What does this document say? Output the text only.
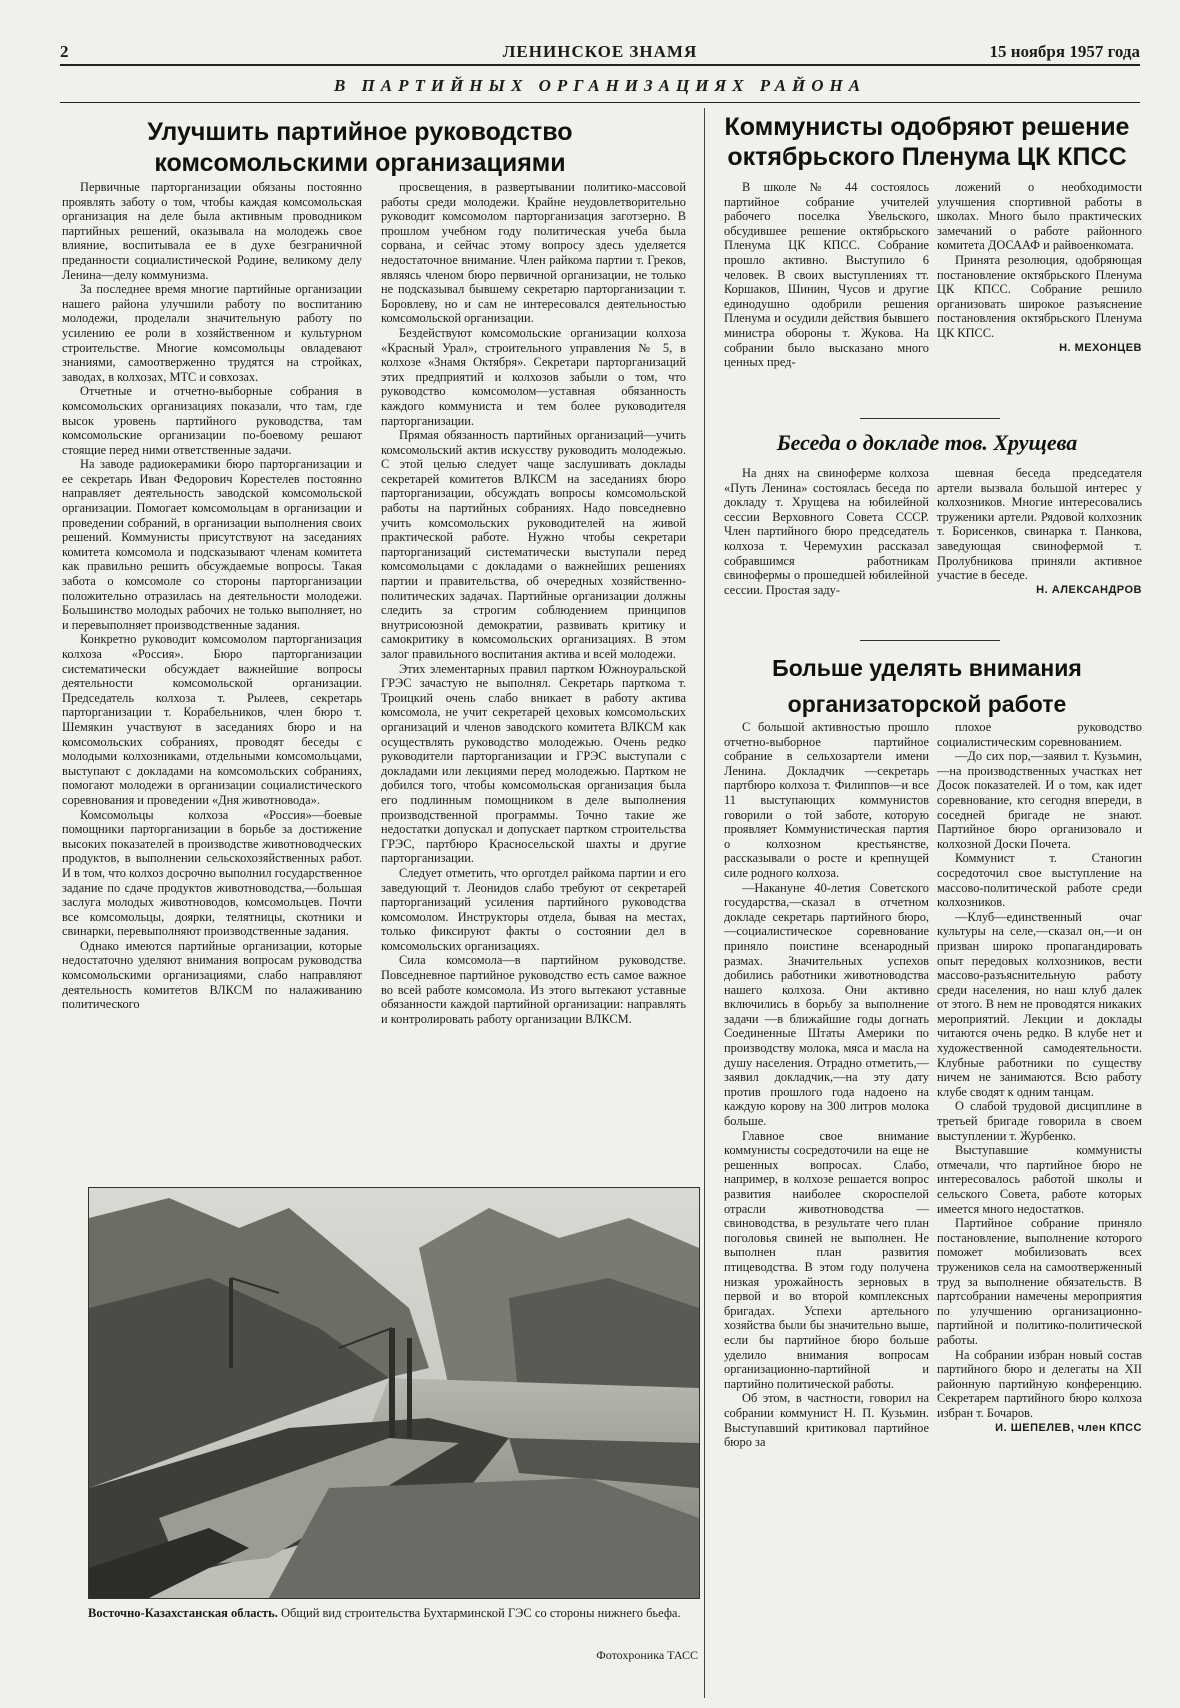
2	ЛЕНИНСКОЕ ЗНАМЯ	15 ноября 1957 года
В ПАРТИЙНЫХ ОРГАНИЗАЦИЯХ РАЙОНА
Улучшить партийное руководство комсомольскими организациями

Первичные парторганизации обязаны постоянно проявлять заботу о том, чтобы каждая комсомольская организация на деле была активным проводником партийных решений, оказывала на молодежь свое влияние, воспитывала ее в духе безграничной преданности социалистической Родине, великому делу Ленина—делу коммунизма.

За последнее время многие партийные организации нашего района улучшили работу по воспитанию молодежи, проделали значительную работу по усилению ее роли в хозяйственном и культурном строительстве. Многие комсомольцы овладевают знаниями, самоотверженно трудятся на стройках, заводах, в колхозах, МТС и совхозах.

Отчетные и отчетно-выборные собрания в комсомольских организациях показали, что там, где высок уровень партийного руководства, там комсомольские организации по-боевому решают стоящие перед ними ответственные задачи.

На заводе радиокерамики бюро парторганизации и ее секретарь Иван Федорович Корестелев постоянно направляет деятельность заводской комсомольской организации. Помогает комсомольцам в организации и проведении собраний, в организации выполнения своих решений. Коммунисты присутствуют на заседаниях комитета комсомола и подсказывают членам комитета как правильно решить обсуждаемые вопросы. Такая забота о комсомоле со стороны парторганизации положительно отразилась на деятельности молодежи. Большинство молодых рабочих не только выполняет, но и перевыполняет производственные задания.

Конкретно руководит комсомолом парторганизация колхоза «Россия». Бюро парторганизации систематически обсуждает важнейшие вопросы деятельности комсомольской организации. Председатель колхоза т. Рылеев, секретарь парторганизации т. Корабельников, член бюро т. Шемякин участвуют в заседаниях бюро и на комсомольских собраниях, проводят беседы с молодыми колхозниками, отдельными комсомольцами, выступают с докладами на комсомольских собраниях, помогают молодежи в организации социалистического соревнования и проведении «Дня животновода».

Комсомольцы колхоза «Россия»—боевые помощники парторганизации в борьбе за достижение высоких показателей в производстве животноводческих продуктов, в выполнении сельскохозяйственных работ. И в том, что колхоз досрочно выполнил государственное задание по сдаче продуктов животноводства,—большая заслуга молодых животноводов, комсомольцев. Почти все комсомольцы, доярки, телятницы, скотники и свинарки, перевыполняют производственные задания.

Однако имеются партийные организации, которые недостаточно уделяют внимания вопросам руководства комсомольскими организациями, слабо направляют деятельность комитетов ВЛКСМ по налаживанию политического

просвещения, в развертывании политико-массовой работы среди молодежи. Крайне неудовлетворительно руководит комсомолом парторганизация заготзерно. В прошлом учебном году политическая учеба была сорвана, и сейчас этому вопросу здесь уделяется недостаточное внимание. Член райкома партии т. Греков, являясь членом бюро первичной организации, не только не подсказывал бывшему секретарю парторганизации т. Боровлеву, но и сам не интересовался деятельностью комсомольской организации.

Бездействуют комсомольские организации колхоза «Красный Урал», строительного управления № 5, в колхозе «Знамя Октября». Секретари парторганизаций этих предприятий и колхозов забыли о том, что руководство комсомолом—уставная обязанность каждого коммуниста и тем более руководителя парторганизации.

Прямая обязанность партийных организаций—учить комсомольский актив искусству руководить молодежью. С этой целью следует чаще заслушивать доклады секретарей комитетов ВЛКСМ на заседаниях бюро парторганизации, обсуждать вопросы комсомольской работы на партийных собраниях. Надо повседневно учить комсомольских руководителей на живой практической работе. Нужно чтобы секретари парторганизаций систематически выступали перед комсомольцами с докладами о важнейших решениях партии и правительства, об очередных хозяйственно-политических задачах. Партийные организации должны следить за строгим соблюдением принципов внутрисоюзной демократии, развивать критику и самокритику в комсомольских организациях. В этом залог правильного воспитания актива и всей молодежи.

Этих элементарных правил партком Южноуральской ГРЭС зачастую не выполнял. Секретарь парткома т. Троицкий очень слабо вникает в работу актива комсомола, не учит секретарей цеховых комсомольских организаций и членов заводского комитета ВЛКСМ как осуществлять руководство молодежью. Очень редко руководители парторганизации и ГРЭС выступали с докладами или лекциями перед молодежью. Партком не добился того, чтобы комсомольская организация была его подлинным помощником в деле выполнения производственной программы. Точно такие же недостатки допускал и допускает партком строительства ГРЭС, партбюро Красносельской шахты и другие парторганизации.

Следует отметить, что орготдел райкома партии и его заведующий т. Леонидов слабо требуют от секретарей парторганизаций усиления партийного руководства комсомолом. Инструкторы отдела, бывая на местах, только фиксируют факты о состоянии дел в комсомольских организациях.

Сила комсомола—в партийном руководстве. Повседневное партийное руководство есть самое важное во всей работе комсомола. Из этого вытекают уставные обязанности каждой партийной организации: направлять и контролировать работу организации ВЛКСМ.

Коммунисты одобряют решение октябрьского Пленума ЦК КПСС

В школе № 44 состоялось партийное собрание учителей рабочего поселка Увельского, обсудившее решение октябрьского Пленума ЦК КПСС. Собрание прошло активно. Выступило 6 человек. В своих выступлениях тт. Коршаков, Шинин, Чусов и другие единодушно одобрили решения Пленума и осудили действия бывшего министра обороны т. Жукова. На собрании было высказано много ценных пред-

ложений о необходимости улучшения спортивной работы в школах. Много было практических замечаний о работе районного комитета ДОСААФ и райвоенкомата.

Принята резолюция, одобряющая постановление октябрьского Пленума ЦК КПСС. Собрание решило организовать широкое разъяснение постановления октябрьского Пленума ЦК КПСС.

Н. МЕХОНЦЕВ

Беседа о докладе тов. Хрущева

На днях на свиноферме колхоза «Путь Ленина» состоялась беседа по докладу т. Хрущева на юбилейной сессии Верховного Совета СССР. Член партийного бюро председатель колхоза т. Черемухин рассказал собравшимся работникам свинофермы о прошедшей юбилейной сессии. Простая заду-

шевная беседа председателя артели вызвала большой интерес у колхозников. Многие интересовались труженики артели. Рядовой колхозник т. Борисенков, свинарка т. Панкова, заведующая свинофермой т. Пролубникова приняли активное участие в беседе.

Н. АЛЕКСАНДРОВ

Больше уделять внимания организаторской работе

С большой активностью прошло отчетно-выборное партийное собрание в сельхозартели имени Ленина. Докладчик —секретарь партбюро колхоза т. Филиппов—и все 11 выступающих коммунистов говорили о той заботе, которую проявляет Коммунистическая партия о колхозном крестьянстве, рассказывали о росте и крепнущей силе родного колхоза.

—Накануне 40-летия Советского государства,—сказал в отчетном докладе секретарь партийного бюро,—социалистическое соревнование приняло поистине всенародный размах. Значительных успехов добились работники животноводства нашего колхоза. Они активно включились в борьбу за выполнение задачи —в ближайшие годы догнать Соединенные Штаты Америки по производству молока, мяса и масла на душу населения. Отрадно отметить,—заявил докладчик,—на эту дату против прошлого года надоено на каждую корову на 300 литров молока больше.

Главное свое внимание коммунисты сосредоточили на еще не решенных вопросах. Слабо, например, в колхозе решается вопрос развития наиболее скороспелой отрасли животноводства — свиноводства, в результате чего план поголовья свиней не выполнен. Не выполнен план развития птицеводства. В этом году получена низкая урожайность зерновых в первой и во второй комплексных бригадах. Успехи артельного хозяйства были бы значительно выше, если бы партийное бюро больше уделило внимания вопросам организационно-партийной и партийно политической работы.

Об этом, в частности, говорил на собрании коммунист Н. П. Кузьмин. Выступавший критиковал партийное бюро за

плохое руководство социалистическим соревнованием.

—До сих пор,—заявил т. Кузьмин,—на производственных участках нет Досок показателей. И о том, как идет соревнование, кто сегодня впереди, в соседней бригаде не знают. Партийное бюро организовало и колхозной Доски Почета.

Коммунист т. Станогин сосредоточил свое выступление на массово-политической работе среди колхозников.

—Клуб—единственный очаг культуры на селе,—сказал он,—и он призван широко пропагандировать опыт передовых колхозников, вести массово-разъяснительную работу среди населения, но наш клуб далек от этого. В нем не проводятся никаких мероприятий. Лекции и доклады читаются очень редко. В клубе нет и художественной самодеятельности. Клубные работники по существу ничем не занимаются. Всю работу клубе сводят к одним танцам.

О слабой трудовой дисциплине в третьей бригаде говорила в своем выступлении т. Журбенко.

Выступавшие коммунисты отмечали, что партийное бюро не интересовалось работой школы и сельского Совета, работе которых имеется много недостатков.

Партийное собрание приняло постановление, выполнение которого поможет мобилизовать всех тружеников села на самоотверженный труд за выполнение обязательств. В партсобрании намечены мероприятия по улучшению организационно-партийной и политико-политической работы.

На собрании избран новый состав партийного бюро и делегаты на XII районную партийную конференцию. Секретарем партийного бюро колхоза избран т. Бочаров.

И. ШЕПЕЛЕВ, член КПСС

Восточно-Казахстанская область. Общий вид строительства Бухтарминской ГЭС со стороны нижнего бьефа.
Фотохроника ТАСС
